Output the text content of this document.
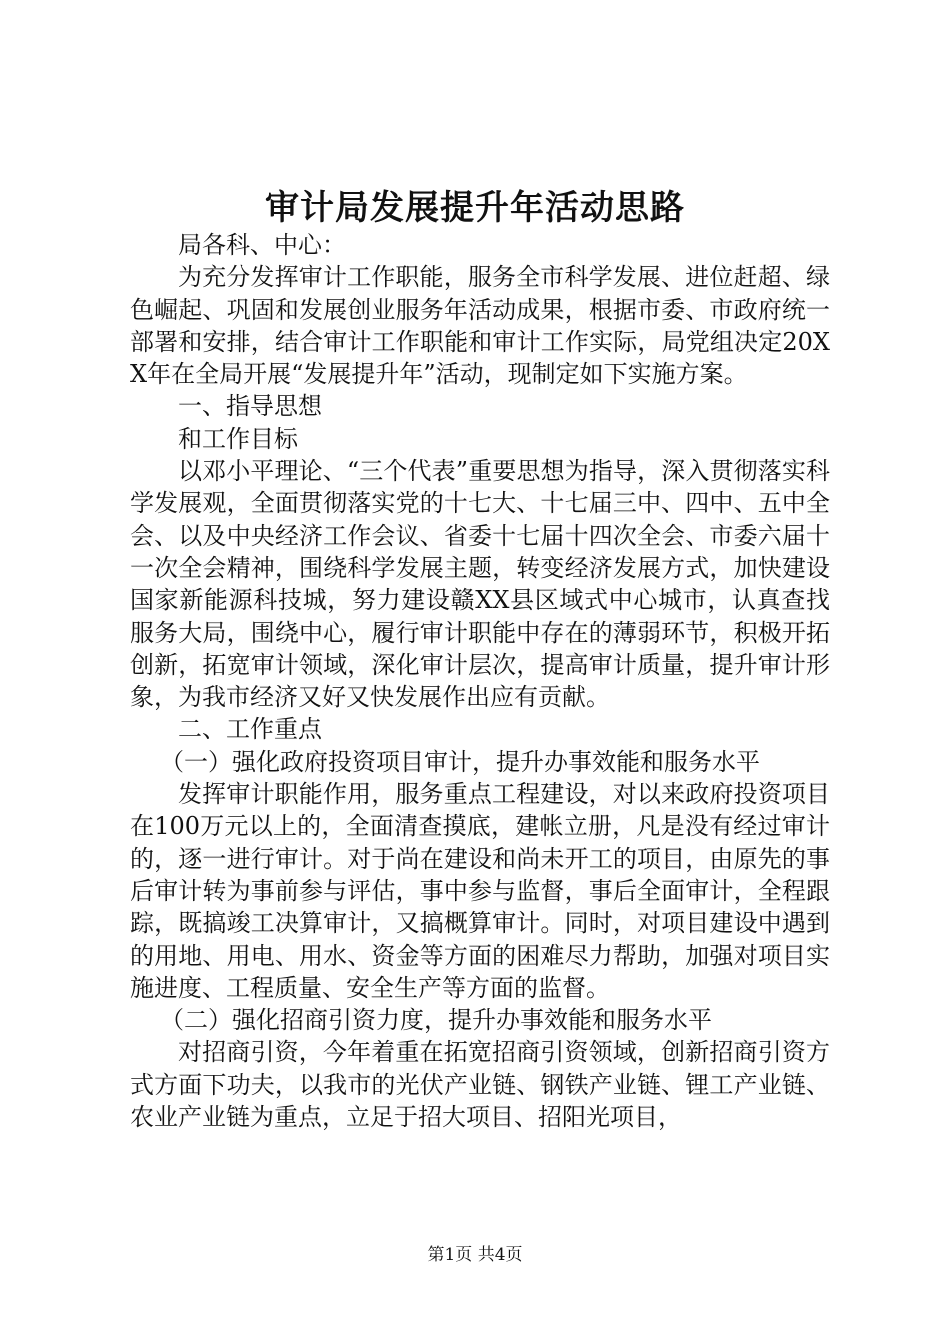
审计局发展提升年活动思路

局各科、中心：

为充分发挥审计工作职能，服务全市科学发展、进位赶超、绿色崛起、巩固和发展创业服务年活动成果，根据市委、市政府统一部署和安排，结合审计工作职能和审计工作实际，局党组决定20XX年在全局开展“发展提升年”活动，现制定如下实施方案。

一、指导思想

和工作目标

以邓小平理论、“三个代表”重要思想为指导，深入贯彻落实科学发展观，全面贯彻落实党的十七大、十七届三中、四中、五中全会、以及中央经济工作会议、省委十七届十四次全会、市委六届十一次全会精神，围绕科学发展主题，转变经济发展方式，加快建设国家新能源科技城，努力建设赣XX县区域式中心城市，认真查找服务大局，围绕中心，履行审计职能中存在的薄弱环节，积极开拓创新，拓宽审计领域，深化审计层次，提高审计质量，提升审计形象，为我市经济又好又快发展作出应有贡献。

二、工作重点

（一）强化政府投资项目审计，提升办事效能和服务水平

发挥审计职能作用，服务重点工程建设，对以来政府投资项目在100万元以上的，全面清查摸底，建帐立册，凡是没有经过审计的，逐一进行审计。对于尚在建设和尚未开工的项目，由原先的事后审计转为事前参与评估，事中参与监督，事后全面审计，全程跟踪，既搞竣工决算审计，又搞概算审计。同时，对项目建设中遇到的用地、用电、用水、资金等方面的困难尽力帮助，加强对项目实施进度、工程质量、安全生产等方面的监督。

（二）强化招商引资力度，提升办事效能和服务水平

对招商引资，今年着重在拓宽招商引资领域，创新招商引资方式方面下功夫，以我市的光伏产业链、钢铁产业链、锂工产业链、农业产业链为重点，立足于招大项目、招阳光项目，

第1页 共4页
